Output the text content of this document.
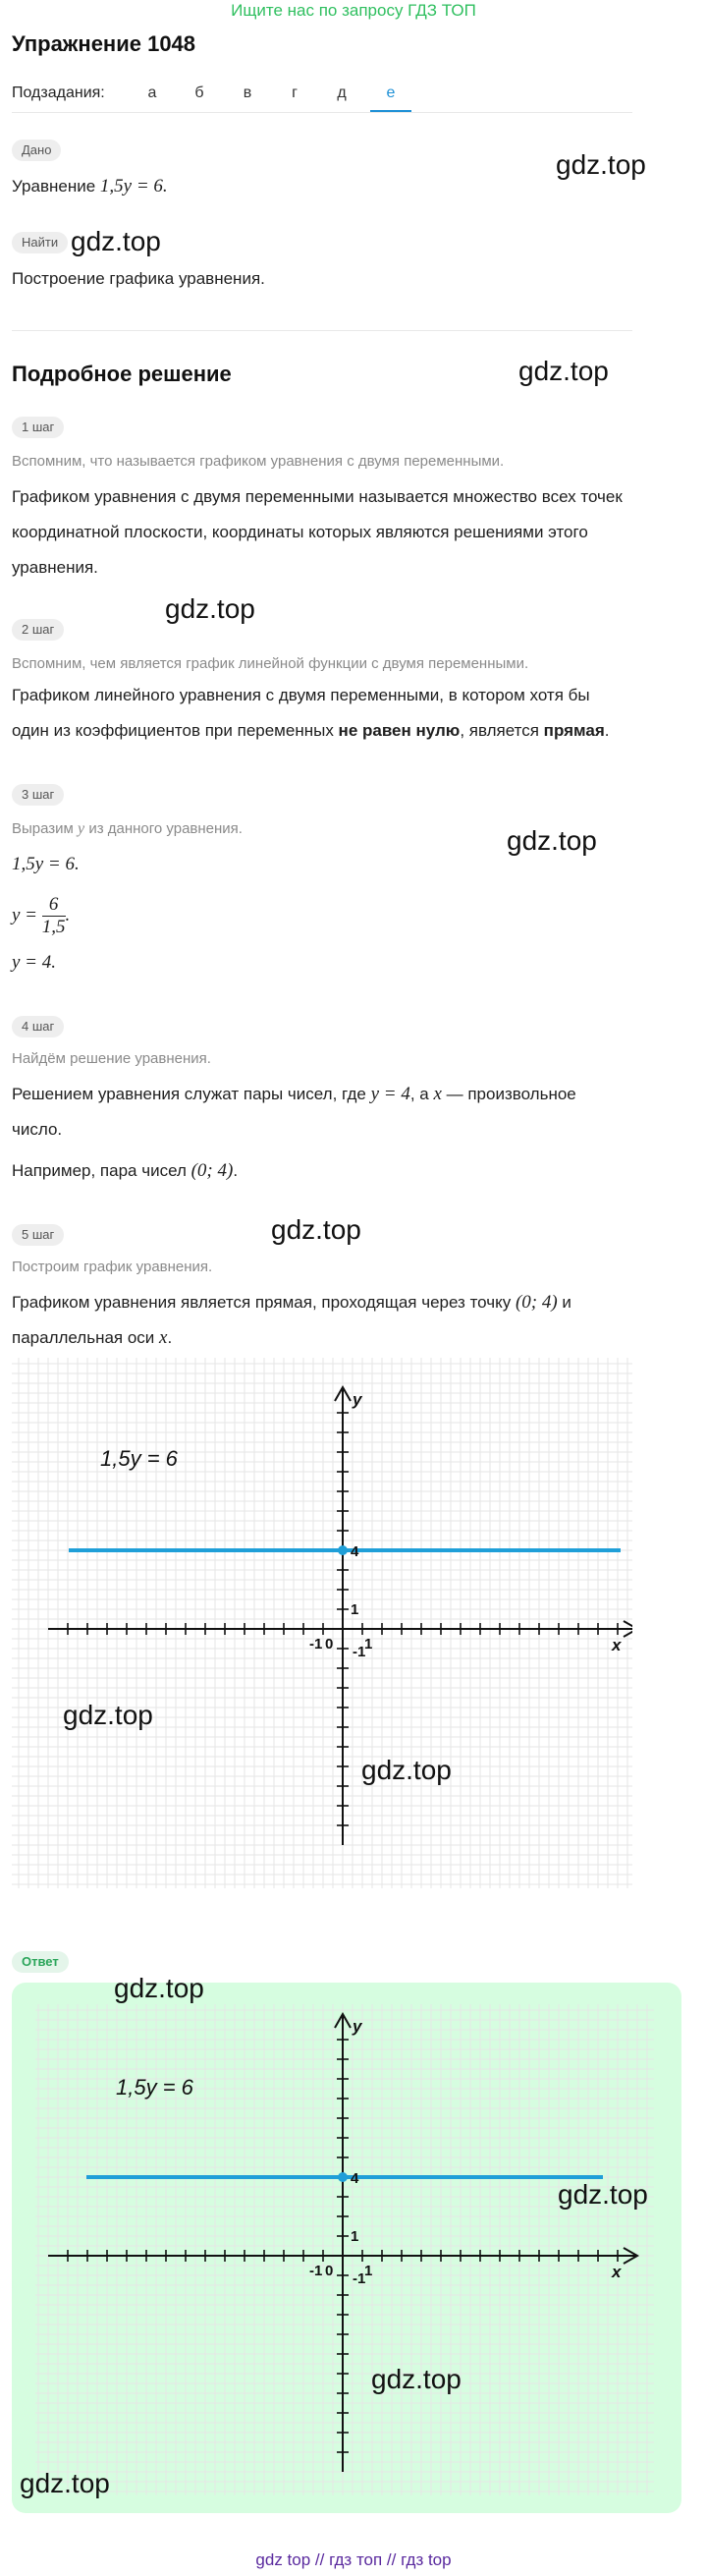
Ищите нас по запросу ГДЗ ТОП
Упражнение 1048
Подзадания:	а	б	в	г	д	е
Дано
Уравнение 1,5y = 6.
Найти
Построение графика уравнения.
Подробное решение
1 шаг
Вспомним, что называется графиком уравнения с двумя переменными.
Графиком уравнения с двумя переменными называется множество всех точек
координатной плоскости, координаты которых являются решениями этого
уравнения.
2 шаг
Вспомним, чем является график линейной функции с двумя переменными.
Графиком линейного уравнения с двумя переменными, в котором хотя бы
один из коэффициентов при переменных не равен нулю, является прямая.
3 шаг
Выразим y из данного уравнения.
1,5y = 6.
$y = \frac{6}{1,5}$ .
y = 4.
4 шаг
Найдём решение уравнения.
Решением уравнения служат пары чисел, где y = 4, а x — произвольное
число.
Например, пара чисел (0; 4).
5 шаг
Построим график уравнения.
Графиком уравнения является прямая, проходящая через точку (0; 4) и
параллельная оси x.
1
-1 0
1
-1	x
y
4
1,5y = 6
Ответ
1
-1 0
1
-1	x
y
4
1,5y = 6
gdz.top
gdz.top
gdz.top
gdz.top
gdz.top
gdz.top
gdz.top
gdz.top
gdz.top
gdz.top
gdz.top
gdz.top
gdz top // гдз топ // гдз top
